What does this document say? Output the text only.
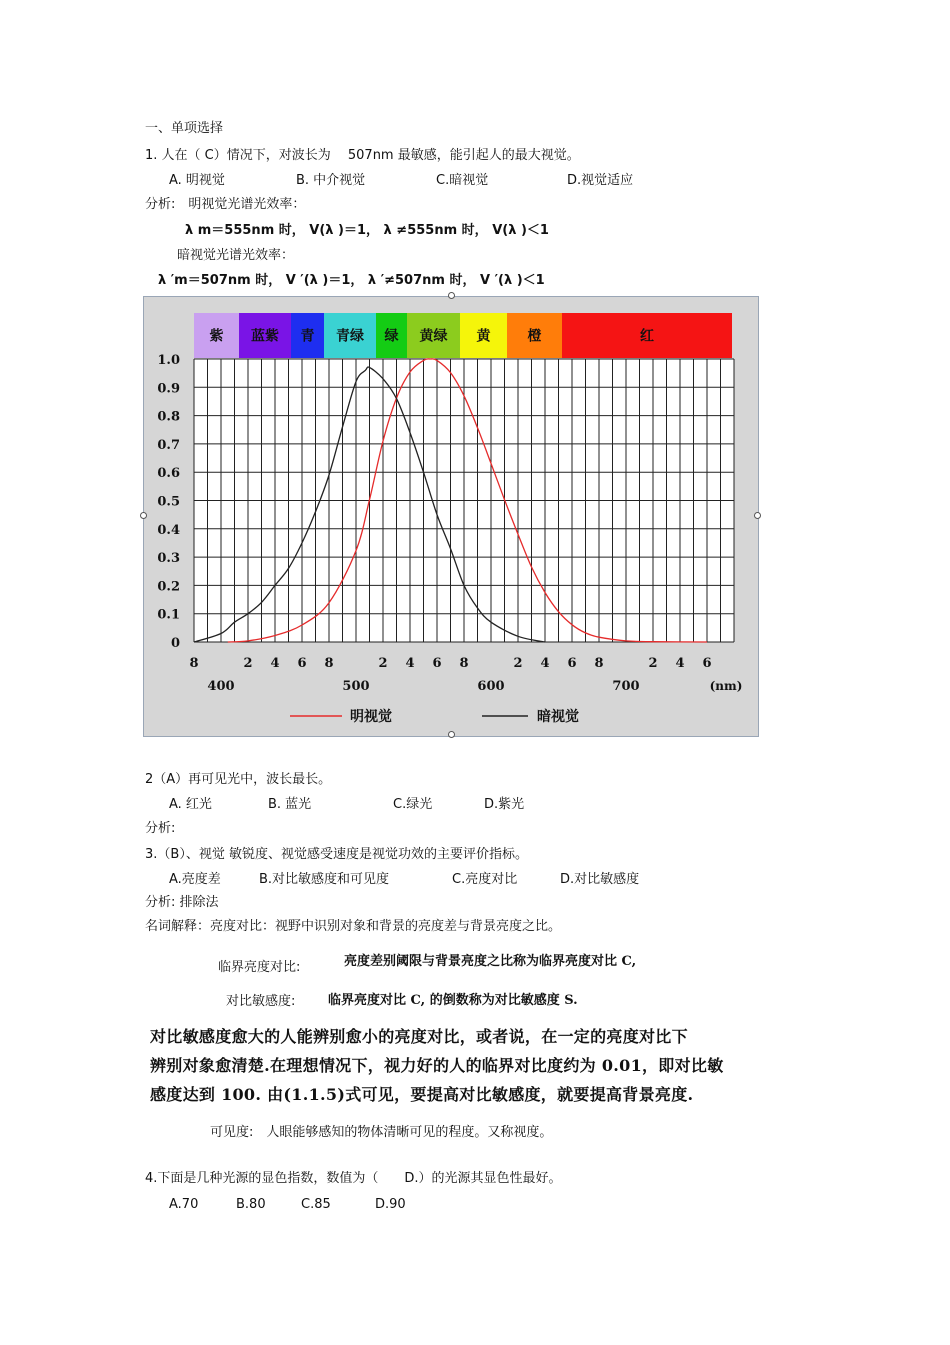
一、单项选择
1. 人在（ C）情况下，对波长为　 507nm 最敏感，能引起人的最大视觉。
A. 明视觉	B. 中介视觉	C.暗视觉	D.视觉适应
分析:　明视觉光谱光效率：
λ m＝555nm 时， V(λ )＝1， λ ≠555nm 时， V(λ )＜1
暗视觉光谱光效率：
λ ′m＝507nm 时， V ′(λ )＝1， λ ′≠507nm 时， V ′(λ )＜1
紫 蓝紫 青 青绿 绿 黄绿 黄	橙	红
1.0
0.9
0.8
0.7
0.6
0.5
0.4
0.3
0.2
0.1
0
8	2 4 6 8	2 4 6 8	2 4 6 8	2 4 6
400	500	600	700	(nm)
明视觉	暗视觉
2（A）再可见光中，波长最长。
A. 红光	B. 蓝光	C.绿光	D.紫光
分析:
3.（B）、视觉 敏锐度、视觉感受速度是视觉功效的主要评价指标。
A.亮度差	B.对比敏感度和可见度	C.亮度对比	D.对比敏感度
分析: 排除法
名词解释：亮度对比：视野中识别对象和背景的亮度差与背景亮度之比。
临界亮度对比:	亮度差别阈限与背景亮度之比称为临界亮度对比 C,
对比敏感度:	临界亮度对比 C, 的倒数称为对比敏感度 S.
对比敏感度愈大的人能辨别愈小的亮度对比，或者说，在一定的亮度对比下
辨别对象愈清楚.在理想情况下，视力好的人的临界对比度约为 0.01，即对比敏
感度达到 100. 由(1.1.5)式可见，要提高对比敏感度，就要提高背景亮度.
可见度:　人眼能够感知的物体清晰可见的程度。又称视度。
4.下面是几种光源的显色指数，数值为（　　D.）的光源其显色性最好。
A.70	B.80	C.85	D.90
